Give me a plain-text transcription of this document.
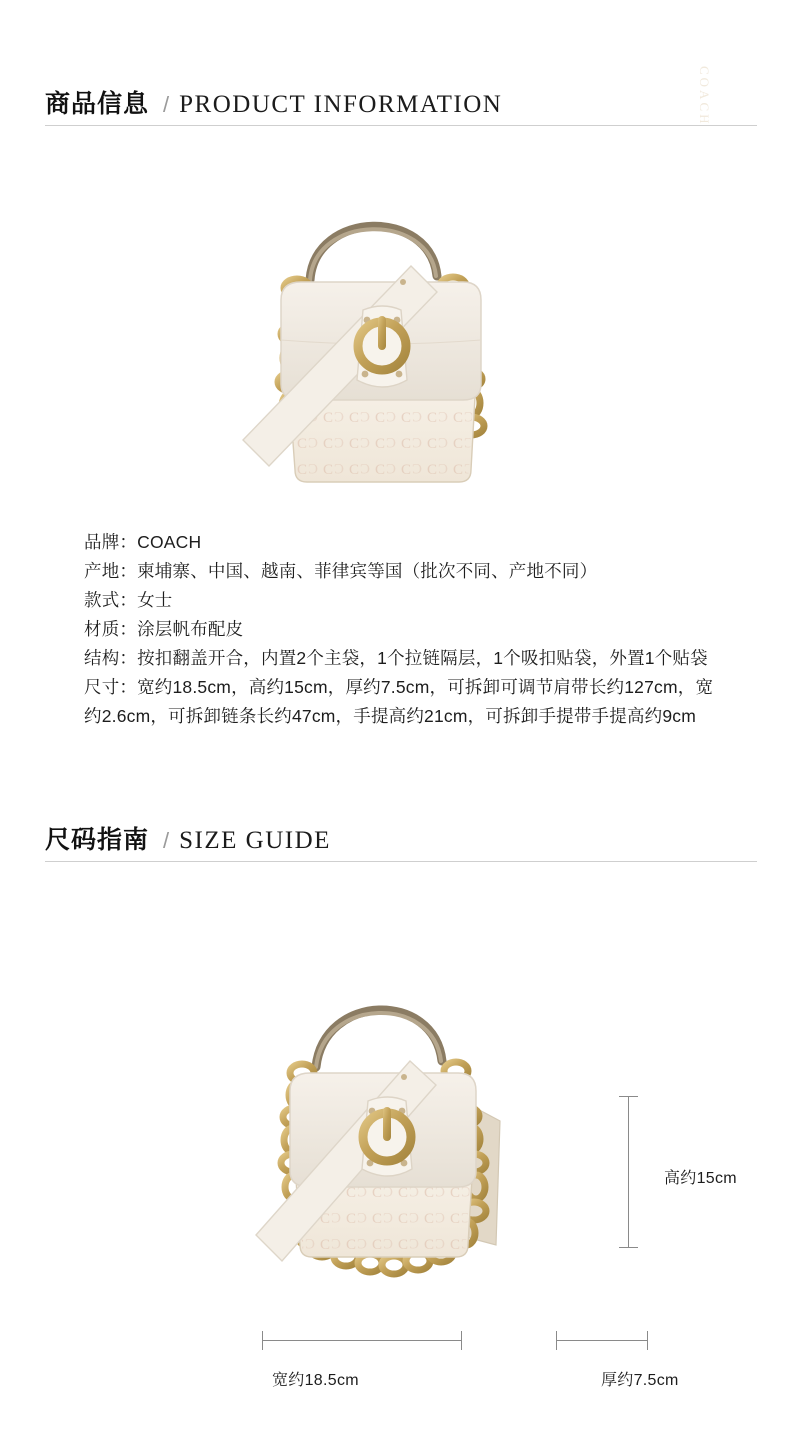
COACH
商品信息 / PRODUCT INFORMATION

品牌：COACH

产地：柬埔寨、中国、越南、菲律宾等国（批次不同、产地不同）

款式：女士

材质：涂层帆布配皮

结构：按扣翻盖开合，内置2个主袋，1个拉链隔层，1个吸扣贴袋，外置1个贴袋

尺寸：宽约18.5cm，高约15cm，厚约7.5cm，可拆卸可调节肩带长约127cm，宽约2.6cm，可拆卸链条长约47cm，手提高约21cm，可拆卸手提带手提高约9cm

尺码指南 / SIZE GUIDE
高约15cm
宽约18.5cm	厚约7.5cm
